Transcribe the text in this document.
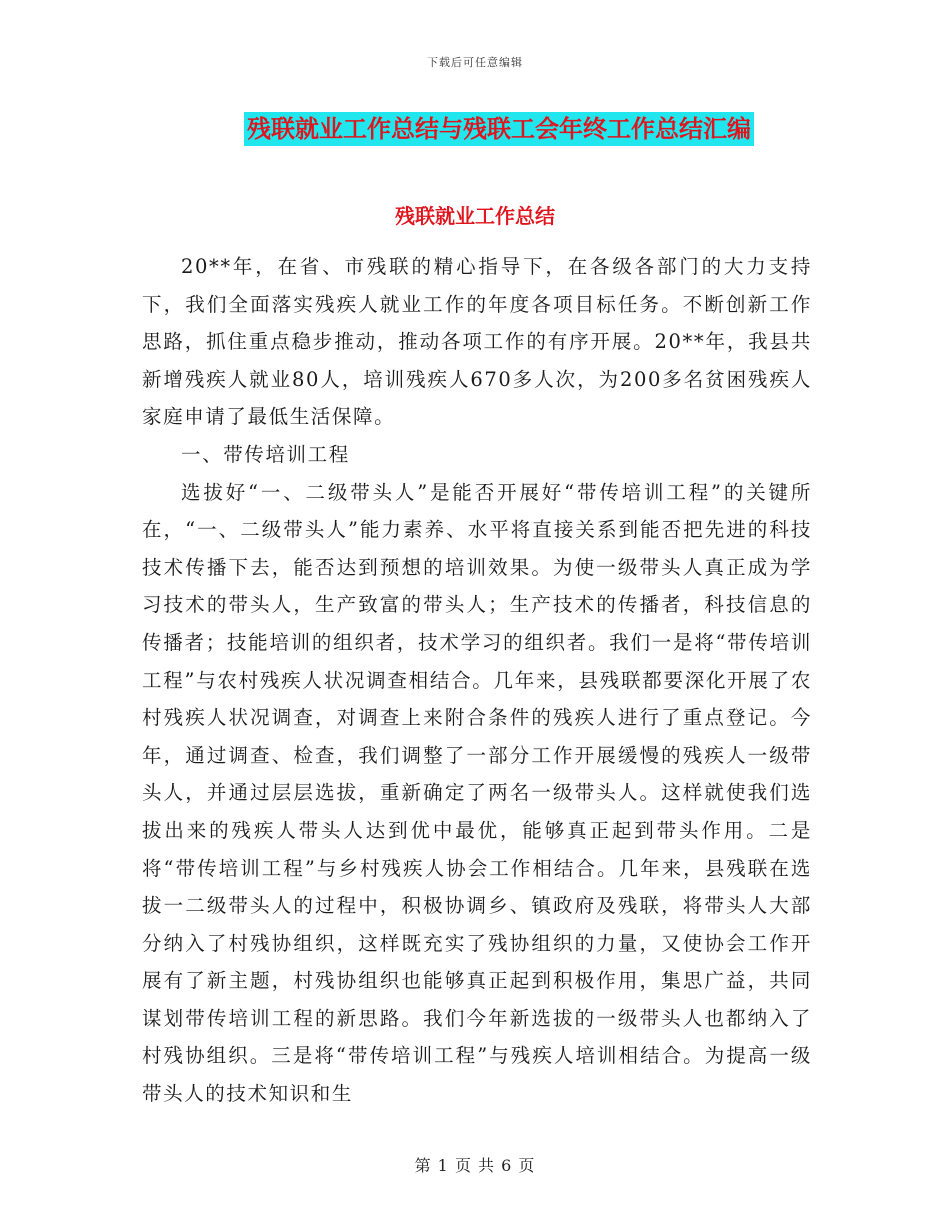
下载后可任意编辑
残联就业工作总结与残联工会年终工作总结汇编
残联就业工作总结

20**年，在省、市残联的精心指导下，在各级各部门的大力支持下，我们全面落实残疾人就业工作的年度各项目标任务。不断创新工作思路，抓住重点稳步推动，推动各项工作的有序开展。20**年，我县共新增残疾人就业80人，培训残疾人670多人次，为200多名贫困残疾人家庭申请了最低生活保障。

一、带传培训工程

选拔好“一、二级带头人”是能否开展好“带传培训工程”的关键所在，“一、二级带头人”能力素养、水平将直接关系到能否把先进的科技技术传播下去，能否达到预想的培训效果。为使一级带头人真正成为学习技术的带头人，生产致富的带头人；生产技术的传播者，科技信息的传播者；技能培训的组织者，技术学习的组织者。我们一是将“带传培训工程”与农村残疾人状况调查相结合。几年来，县残联都要深化开展了农村残疾人状况调查，对调查上来附合条件的残疾人进行了重点登记。今年，通过调查、检查，我们调整了一部分工作开展缓慢的残疾人一级带头人，并通过层层选拔，重新确定了两名一级带头人。这样就使我们选拔出来的残疾人带头人达到优中最优，能够真正起到带头作用。二是将“带传培训工程”与乡村残疾人协会工作相结合。几年来，县残联在选拔一二级带头人的过程中，积极协调乡、镇政府及残联，将带头人大部分纳入了村残协组织，这样既充实了残协组织的力量，又使协会工作开展有了新主题，村残协组织也能够真正起到积极作用，集思广益，共同谋划带传培训工程的新思路。我们今年新选拔的一级带头人也都纳入了村残协组织。三是将“带传培训工程”与残疾人培训相结合。为提高一级带头人的技术知识和生

第 1 页 共 6 页
